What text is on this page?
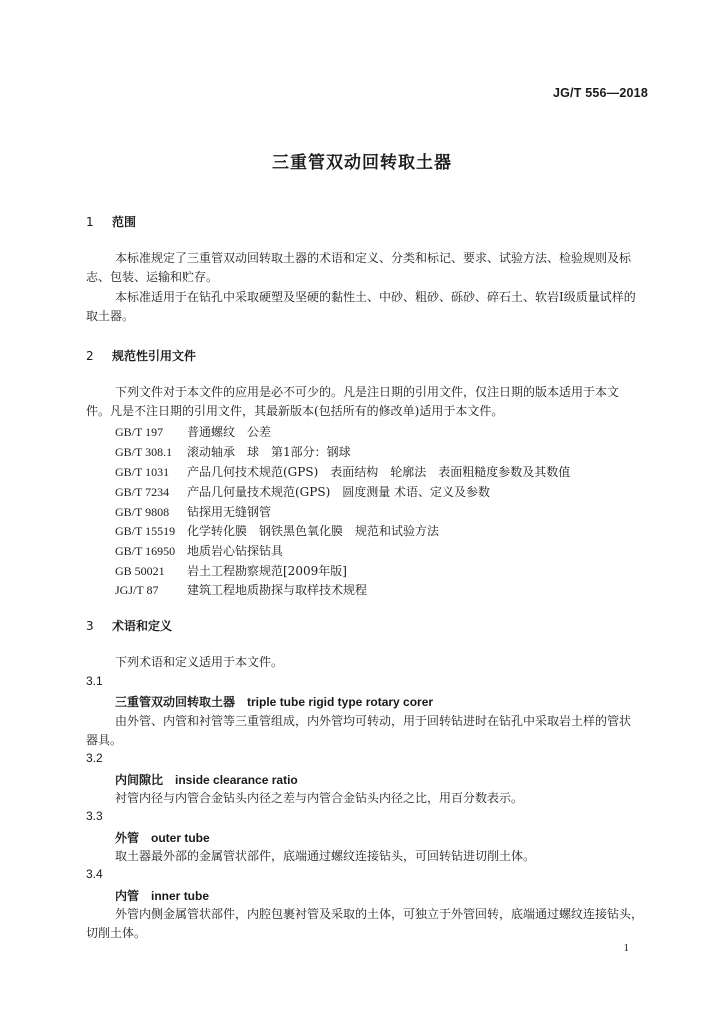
JG/T 556—2018
三重管双动回转取土器
1 范围
本标准规定了三重管双动回转取土器的术语和定义、分类和标记、要求、试验方法、检验规则及标
志、包装、运输和贮存。
本标准适用于在钻孔中采取硬塑及坚硬的黏性土、中砂、粗砂、砾砂、碎石土、软岩Ⅰ级质量试样的
取土器。
2 规范性引用文件
下列文件对于本文件的应用是必不可少的。凡是注日期的引用文件，仅注日期的版本适用于本文
件。凡是不注日期的引用文件，其最新版本(包括所有的修改单)适用于本文件。
GB/T 197 普通螺纹　公差
GB/T 308.1 滚动轴承　球　第1部分：钢球
GB/T 1031 产品几何技术规范(GPS)　表面结构　轮廓法　表面粗糙度参数及其数值
GB/T 7234 产品几何量技术规范(GPS)　圆度测量 术语、定义及参数
GB/T 9808 钻探用无缝钢管
GB/T 15519 化学转化膜　钢铁黑色氧化膜　规范和试验方法
GB/T 16950 地质岩心钻探钻具
GB 50021 岩土工程勘察规范[2009年版]
JGJ/T 87 建筑工程地质勘探与取样技术规程
3 术语和定义
下列术语和定义适用于本文件。
3.1
三重管双动回转取土器 triple tube rigid type rotary corer
由外管、内管和衬管等三重管组成，内外管均可转动，用于回转钻进时在钻孔中采取岩土样的管状
器具。
3.2
内间隙比 inside clearance ratio
衬管内径与内管合金钻头内径之差与内管合金钻头内径之比，用百分数表示。
3.3
外管 outer tube
取土器最外部的金属管状部件，底端通过螺纹连接钻头，可回转钻进切削土体。
3.4
内管 inner tube
外管内侧金属管状部件，内腔包裹衬管及采取的土体，可独立于外管回转，底端通过螺纹连接钻头，
切削土体。
1
